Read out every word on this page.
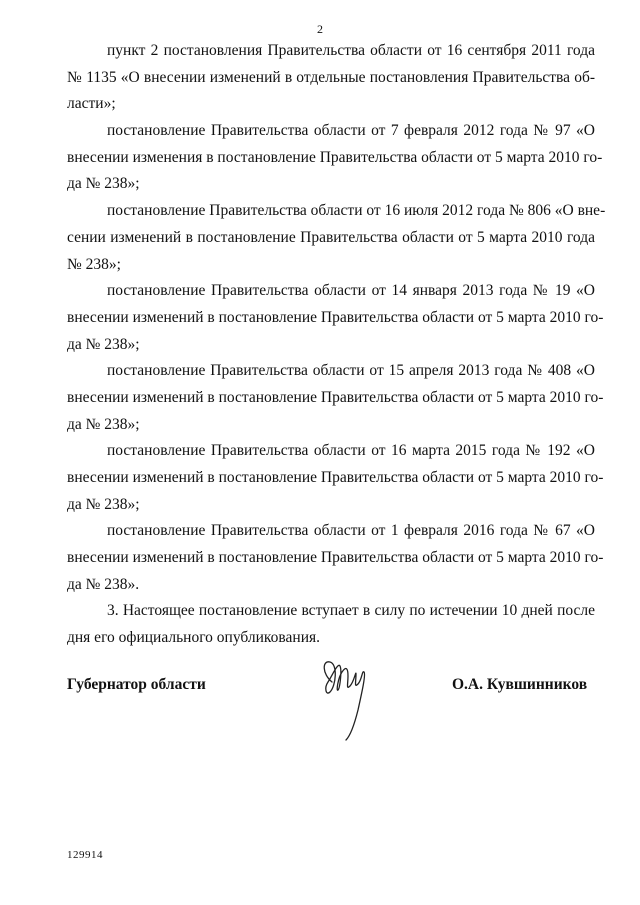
2
пункт 2 постановления Правительства области от 16 сентября 2011 года
№ 1135 «О внесении изменений в отдельные постановления Правительства об-
ласти»;
постановление Правительства области от 7 февраля 2012 года № 97 «О
внесении изменения в постановление Правительства области от 5 марта 2010 го-
да № 238»;
постановление Правительства области от 16 июля 2012 года № 806 «О вне-
сении изменений в постановление Правительства области от 5 марта 2010 года
№ 238»;
постановление Правительства области от 14 января 2013 года № 19 «О
внесении изменений в постановление Правительства области от 5 марта 2010 го-
да № 238»;
постановление Правительства области от 15 апреля 2013 года № 408 «О
внесении изменений в постановление Правительства области от 5 марта 2010 го-
да № 238»;
постановление Правительства области от 16 марта 2015 года № 192 «О
внесении изменений в постановление Правительства области от 5 марта 2010 го-
да № 238»;
постановление Правительства области от 1 февраля 2016 года № 67 «О
внесении изменений в постановление Правительства области от 5 марта 2010 го-
да № 238».
3. Настоящее постановление вступает в силу по истечении 10 дней после
дня его официального опубликования.
Губернатор области	О.А. Кувшинников
129914
